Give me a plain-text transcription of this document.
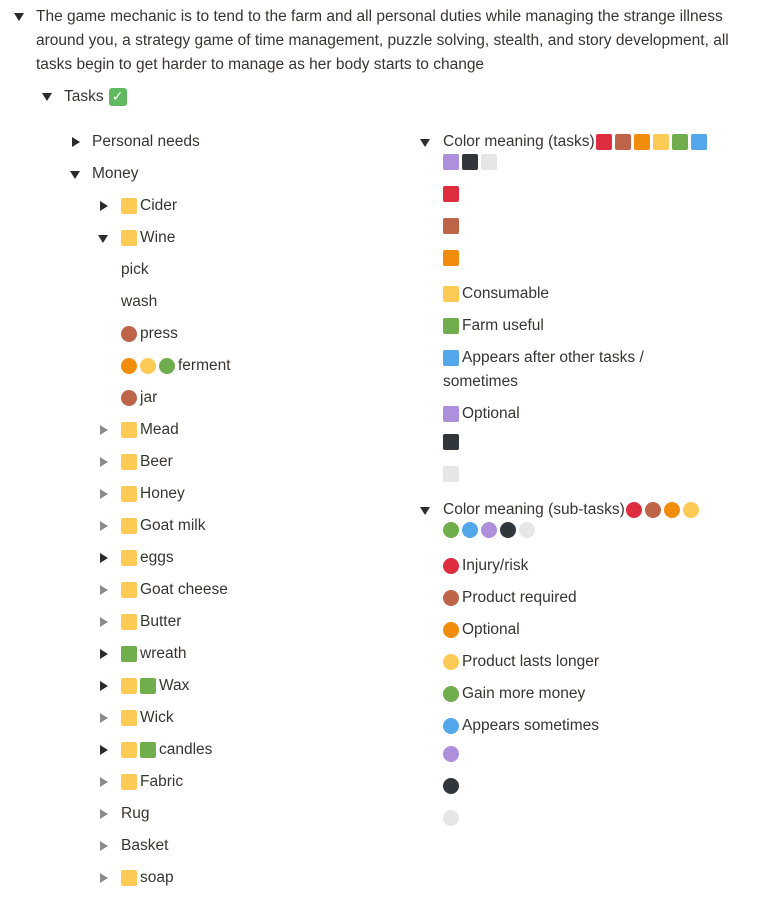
The game mechanic is to tend to the farm and all personal duties while managing the strange illness around you, a strategy game of time management, puzzle solving, stealth, and story development, all tasks begin to get harder to manage as her body starts to change
Tasks ✓
Personal needs
Money
Cider
Wine
pick
wash
press
ferment
jar
Mead
Beer
Honey
Goat milk
eggs
Goat cheese
Butter
wreath
Wax
Wick
candles
Fabric
Rug
Basket
soap
Color meaning (tasks)
Consumable
Farm useful
Appears after other tasks /
sometimes
Optional
Color meaning (sub-tasks)
Injury/risk
Product required
Optional
Product lasts longer
Gain more money
Appears sometimes
